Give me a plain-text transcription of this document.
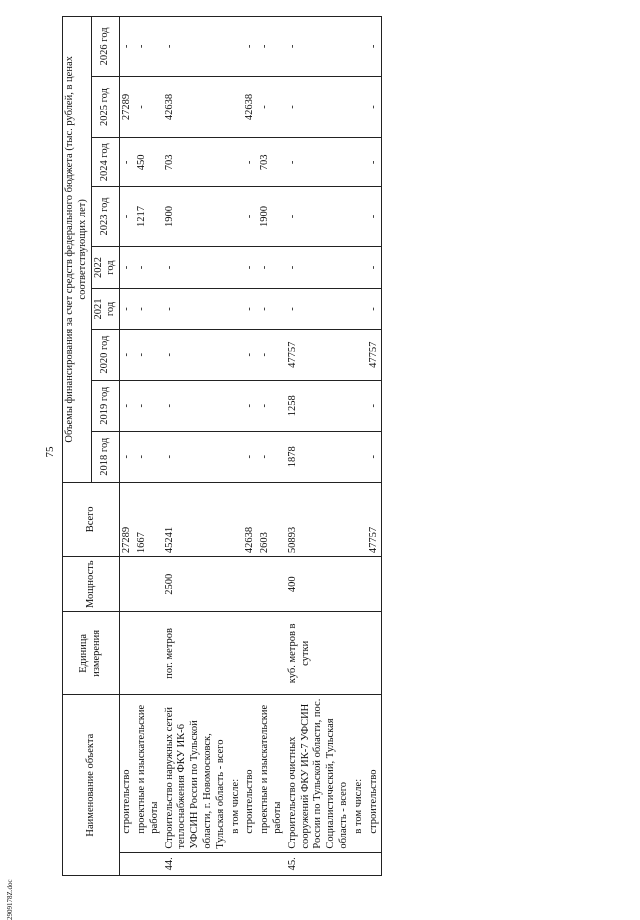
75
2909178Z.doc
Наименование объекта		Единица измерения	Мощность	Всего	Объемы финансирования за счет средств федерального бюджета (тыс. рублей, в ценах соответствующих лет)								
					2018 год	2019 год	2020 год	2021 год	2022 год	2023 год	2024 год	2025 год	2026 год
	строительство			27289	-	-	-	-	-	-	-	27289	-
	проектные и изыскательские работы			1667	-	-	-	-	-	1217	450	-	-
44.	Строительство наружных сетей теплоснабжения ФКУ ИК-6 УФСИН России по Тульской области, г. Новомосковск, Тульская область - всего	пог. метров	2500	45241	-	-	-	-	-	1900	703	42638	-
	в том числе:												
	строительство			42638	-	-	-	-	-	-	-	42638	-
	проектные и изыскательские работы			2603	-	-	-	-	-	1900	703	-	-
45.	Строительство очистных сооружений ФКУ ИК-7 УФСИН России по Тульской области, пос. Социалистический, Тульская область - всего	куб. метров в сутки	400	50893	1878	1258	47757	-	-	-	-	-	-
	в том числе:												
	строительство			47757	-	-	47757	-	-	-	-	-	-
